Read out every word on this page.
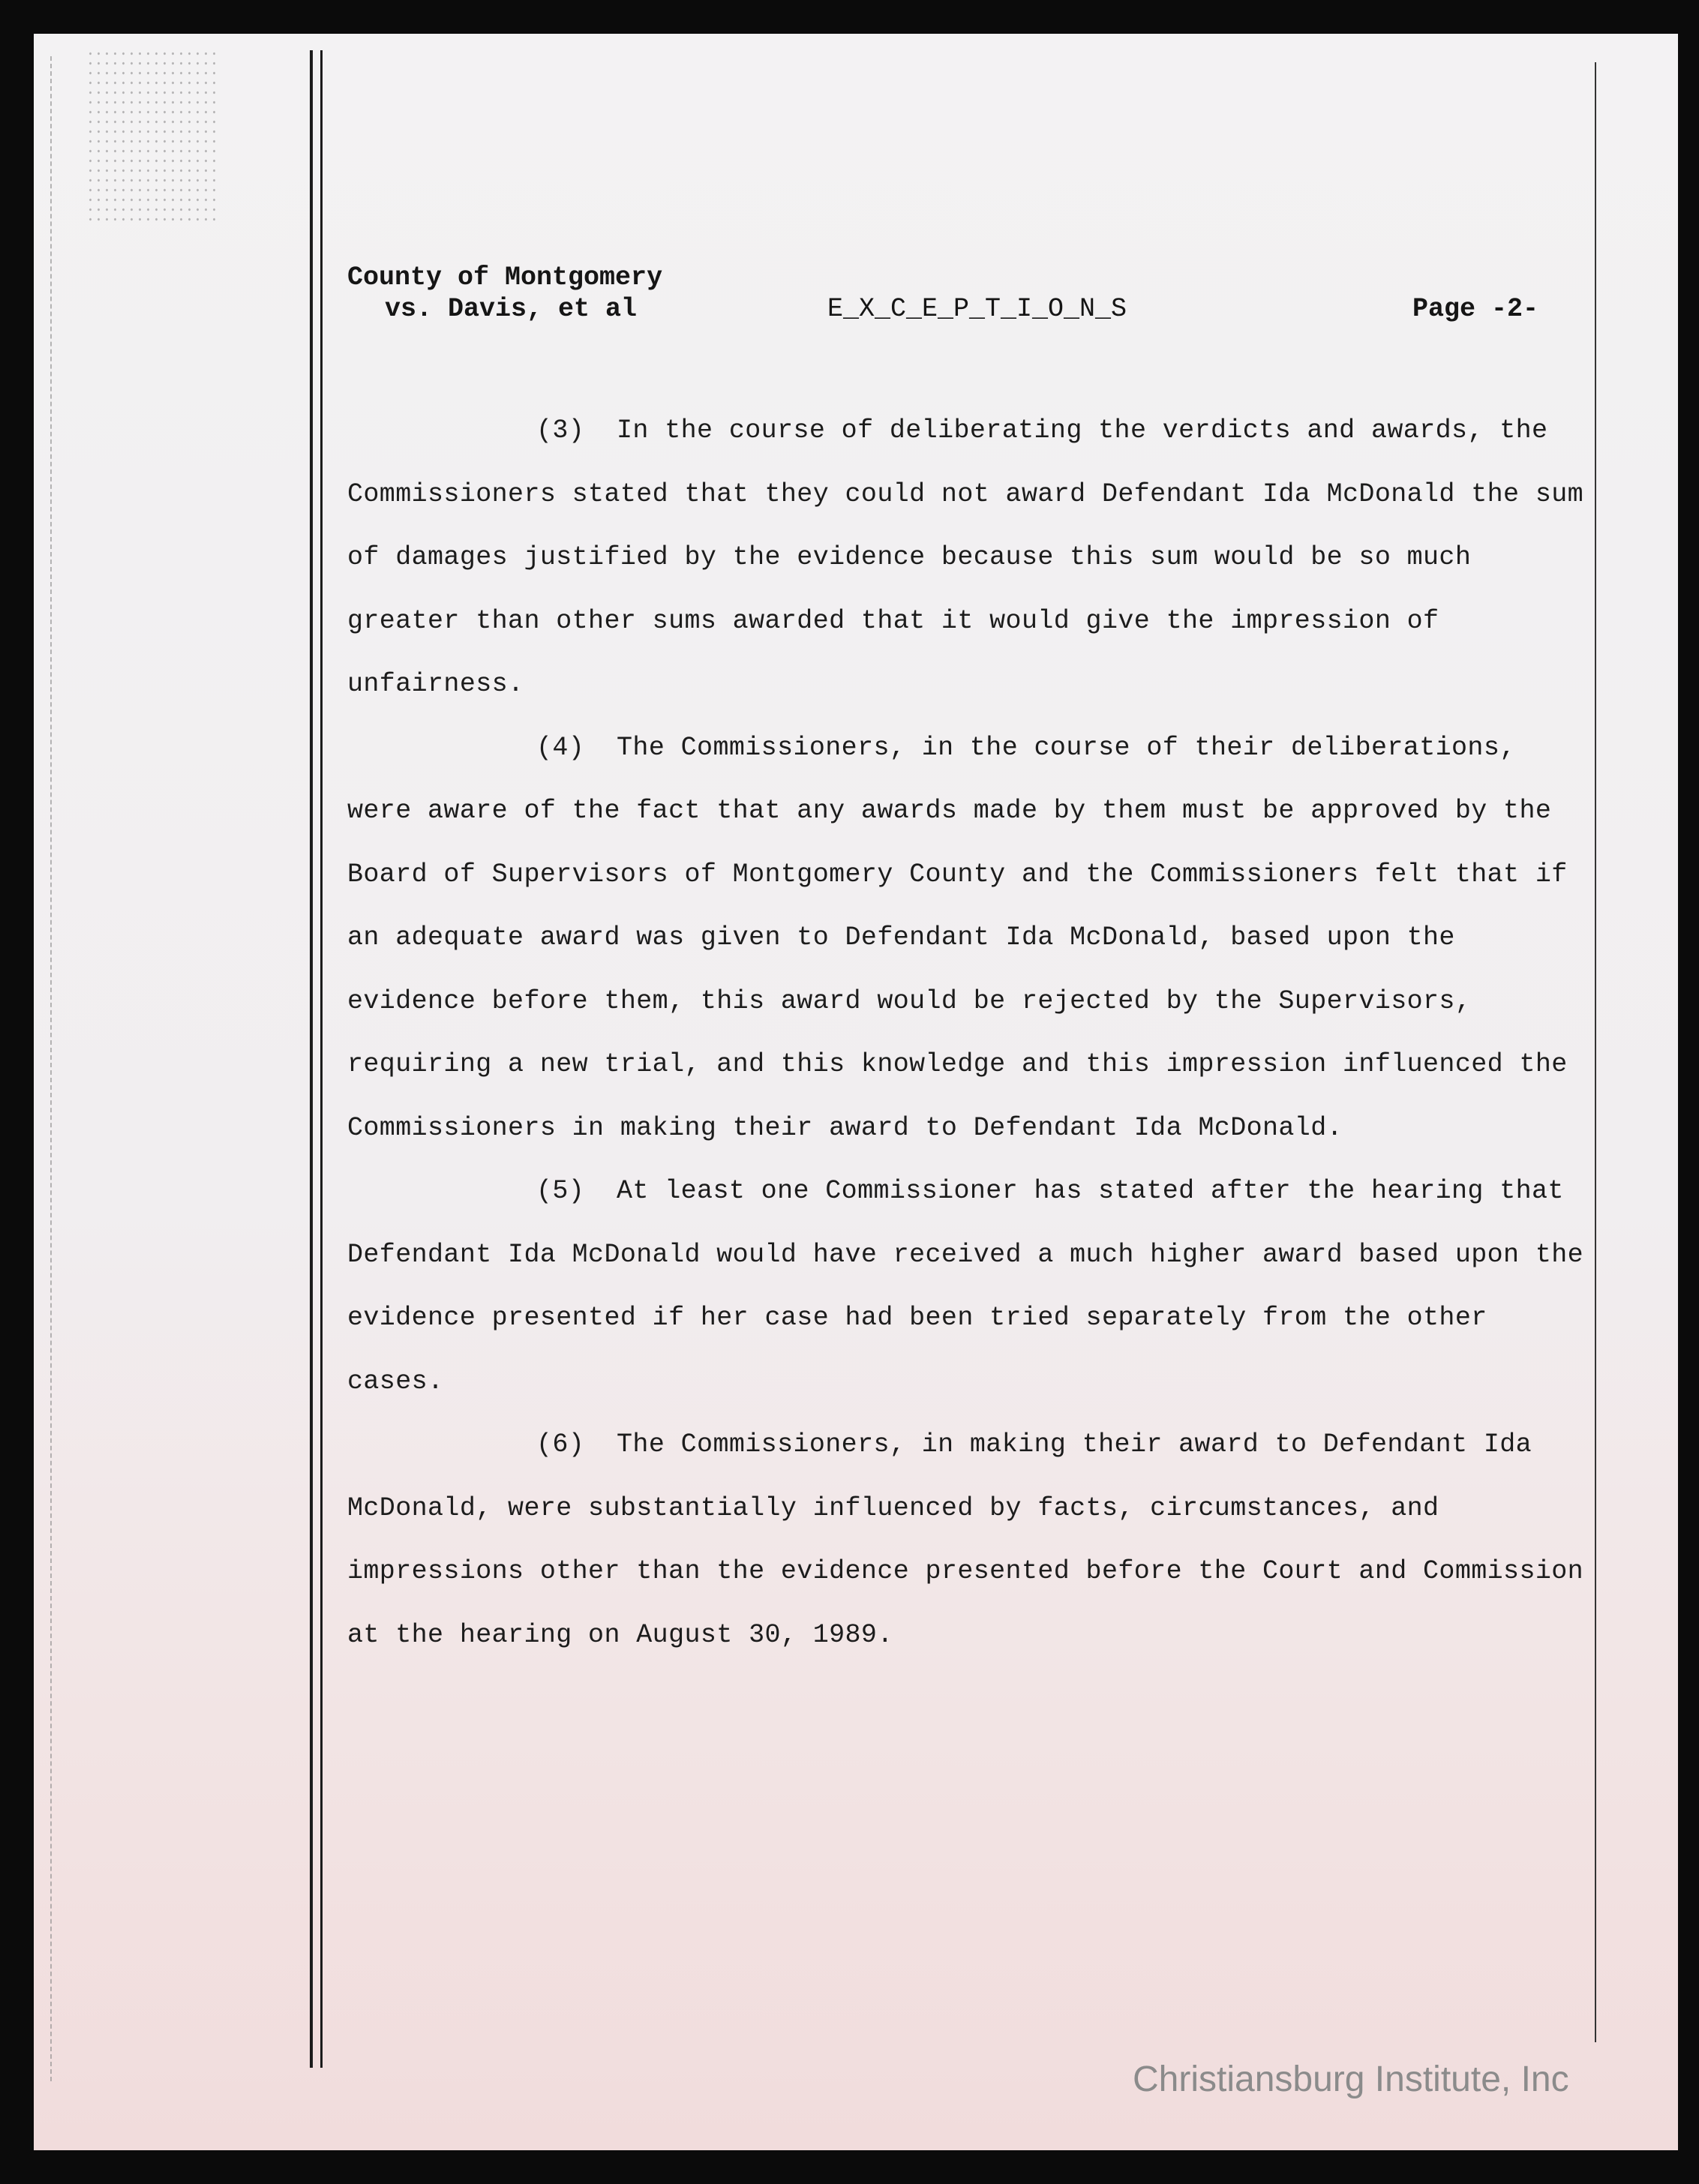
County of Montgomery
vs. Davis, et al	E_X_C_E_P_T_I_O_N_S	Page -2-

(3) In the course of deliberating the verdicts and awards, the Commissioners stated that they could not award Defendant Ida McDonald the sum of damages justified by the evidence because this sum would be so much greater than other sums awarded that it would give the impression of unfairness.

(4) The Commissioners, in the course of their deliberations, were aware of the fact that any awards made by them must be approved by the Board of Supervisors of Montgomery County and the Commissioners felt that if an adequate award was given to Defendant Ida McDonald, based upon the evidence before them, this award would be rejected by the Supervisors, requiring a new trial, and this knowledge and this impression influenced the Commissioners in making their award to Defendant Ida McDonald.

(5) At least one Commissioner has stated after the hearing that Defendant Ida McDonald would have received a much higher award based upon the evidence presented if her case had been tried separately from the other cases.

(6) The Commissioners, in making their award to Defendant Ida McDonald, were substantially influenced by facts, circumstances, and impressions other than the evidence presented before the Court and Commission at the hearing on August 30, 1989.

Christiansburg Institute, Inc
